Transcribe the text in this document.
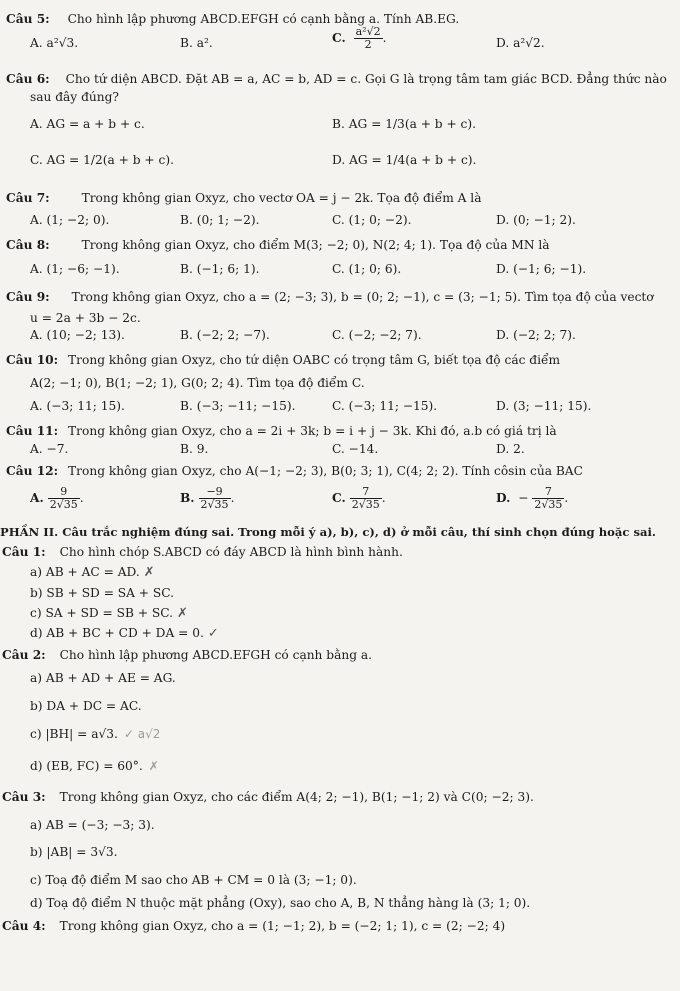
Câu 5: Cho hình lập phương ABCD.EFGH có cạnh bằng a. Tính AB.EG.
A. a²√3.	B. a².	C. $\frac{\text{a²√2}}{2}$ .	D. a²√2.
Câu 6: Cho tứ diện ABCD. Đặt AB = a, AC = b, AD = c. Gọi G là trọng tâm tam giác BCD. Đẳng thức nào
sau đây đúng?
A. AG = a + b + c.	B. AG = 1/3(a + b + c).
C. AG = 1/2(a + b + c).	D. AG = 1/4(a + b + c).
Câu 7:	Trong không gian Oxyz, cho vectơ OA = j − 2k. Tọa độ điểm A là
A. (1; −2; 0).	B. (0; 1; −2).	C. (1; 0; −2).	D. (0; −1; 2).
Câu 8:	Trong không gian Oxyz, cho điểm M(3; −2; 0), N(2; 4; 1). Tọa độ của MN là
A. (1; −6; −1).	B. (−1; 6; 1).	C. (1; 0; 6).	D. (−1; 6; −1).
Câu 9: Trong không gian Oxyz, cho a = (2; −3; 3), b = (0; 2; −1), c = (3; −1; 5). Tìm tọa độ của vectơ
u = 2a + 3b − 2c.
A. (10; −2; 13).	B. (−2; 2; −7).	C. (−2; −2; 7).	D. (−2; 2; 7).
Câu 10: Trong không gian Oxyz, cho tứ diện OABC có trọng tâm G, biết tọa độ các điểm
A(2; −1; 0), B(1; −2; 1), G(0; 2; 4). Tìm tọa độ điểm C.
A. (−3; 11; 15).	B. (−3; −11; −15).	C. (−3; 11; −15).	D. (3; −11; 15).
Câu 11: Trong không gian Oxyz, cho a = 2i + 3k; b = i + j − 3k. Khi đó, a.b có giá trị là
A. −7.	B. 9.	C. −14.	D. 2.
Câu 12: Trong không gian Oxyz, cho A(−1; −2; 3), B(0; 3; 1), C(4; 2; 2). Tính côsin của BAC
A. $\frac{9}{2√35}$ .	B. $\frac{-9}{2√35}$ .	C. $\frac{7}{2√35}$ .	D. − $\frac{7}{2√35}$ .
PHẦN II. Câu trắc nghiệm đúng sai. Trong mỗi ý a), b), c), d) ở mỗi câu, thí sinh chọn đúng hoặc sai.
Câu 1: Cho hình chóp S.ABCD có đáy ABCD là hình bình hành.
a) AB + AC = AD. ✗
b) SB + SD = SA + SC.
c) SA + SD = SB + SC. ✗
d) AB + BC + CD + DA = 0. ✓
Câu 2: Cho hình lập phương ABCD.EFGH có cạnh bằng a.
a) AB + AD + AE = AG.
b) DA + DC = AC.
c) |BH| = a√3. ✓ a√2
d) (EB, FC) = 60°. ✗
Câu 3: Trong không gian Oxyz, cho các điểm A(4; 2; −1), B(1; −1; 2) và C(0; −2; 3).
a) AB = (−3; −3; 3).
b) |AB| = 3√3.
c) Toạ độ điểm M sao cho AB + CM = 0 là (3; −1; 0).
d) Toạ độ điểm N thuộc mặt phẳng (Oxy), sao cho A, B, N thẳng hàng là (3; 1; 0).
Câu 4: Trong không gian Oxyz, cho a = (1; −1; 2), b = (−2; 1; 1), c = (2; −2; 4)
